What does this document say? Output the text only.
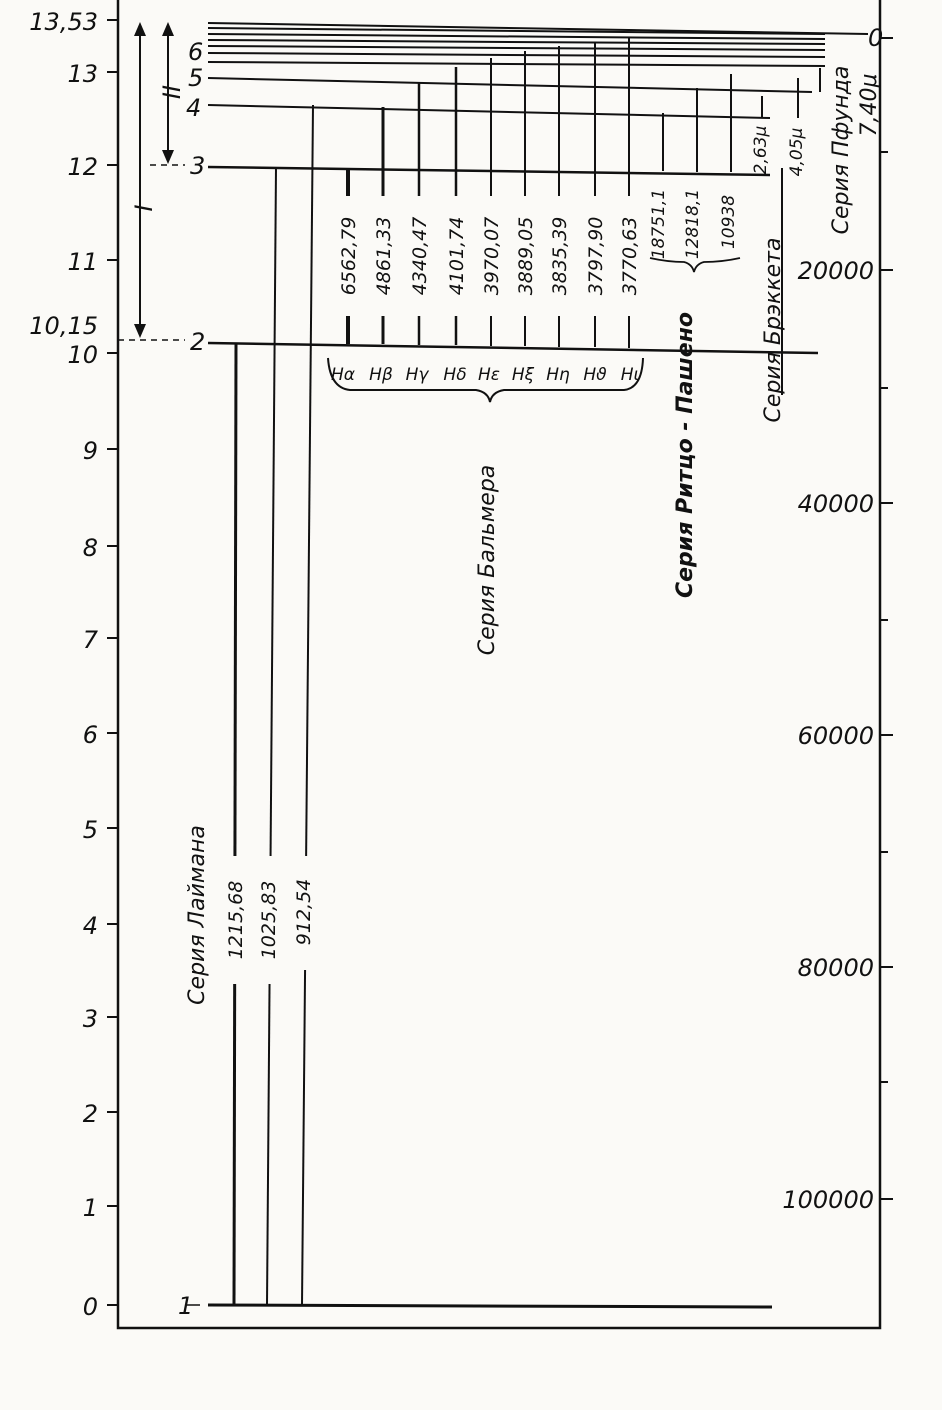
13,53
13
12
11
10,15
10
9
8
7
6
5
4
3
2
1
0
0
20000
40000
60000
80000
100000
1
2
3
4
5
6
I
II
1215,68 1025,83 912,54
Серия Лаймана
6562,79 4861,33 4340,47 4101,74 3970,07 3889,05 3835,39 3797,90 3770,63
Hα Hβ Hγ Hδ Hε Hξ Hη Hϑ Hι
Серия Бальмера
18751,1 12818,1 10938
Серия Ритцо - Пашено
2,63μ 4,05μ
Серия Брэккета
Серия Пфунда 7,40μ
